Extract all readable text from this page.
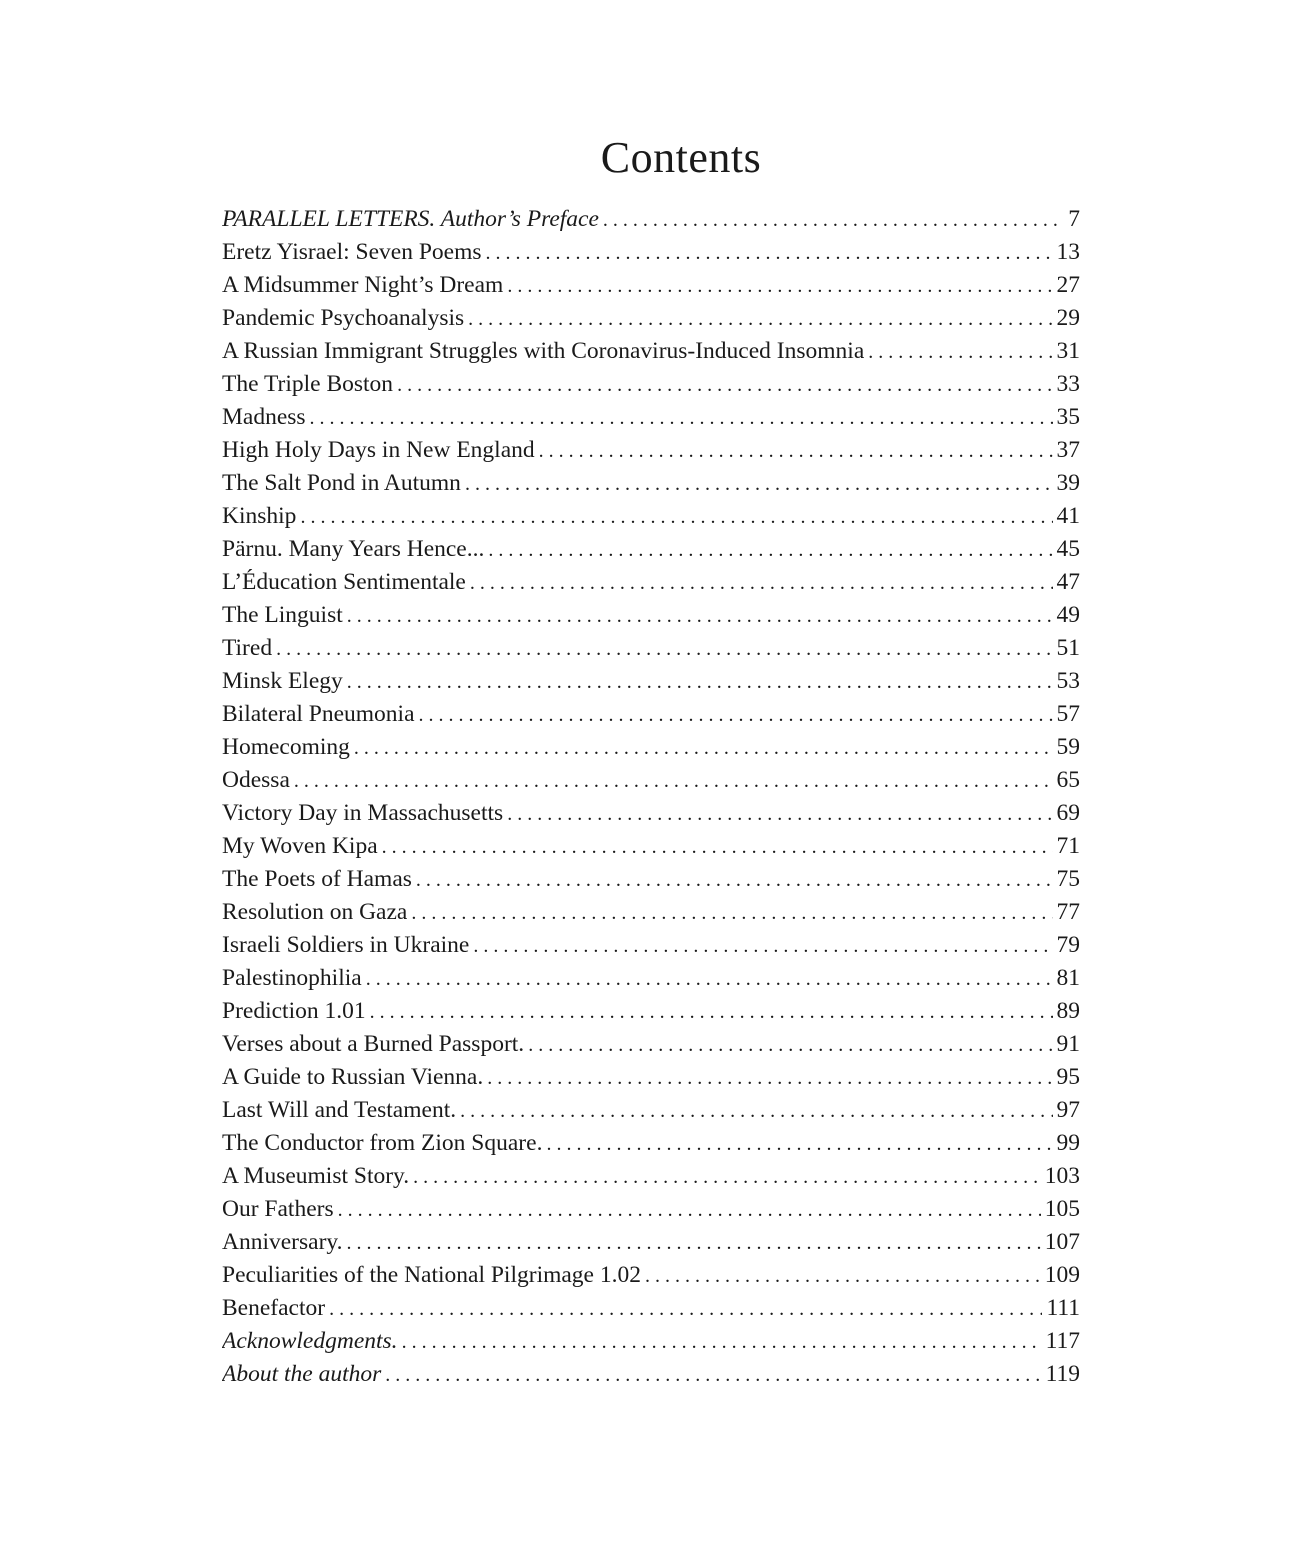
Contents
PARALLEL LETTERS. Author’s Preface . . .	7
Eretz Yisrael: Seven Poems . . .	13
A Midsummer Night’s Dream . . .	27
Pandemic Psychoanalysis . . .	29
A Russian Immigrant Struggles with Coronavirus-Induced Insomnia . . .	31
The Triple Boston . . .	33
Madness . . .	35
High Holy Days in New England . . .	37
The Salt Pond in Autumn . . .	39
Kinship . . .	41
Pärnu. Many Years Hence... . . .	45
L’Éducation Sentimentale . . .	47
The Linguist . . .	49
Tired . . .	51
Minsk Elegy . . .	53
Bilateral Pneumonia . . .	57
Homecoming . . .	59
Odessa . . .	65
Victory Day in Massachusetts . . .	69
My Woven Kipa . . .	71
The Poets of Hamas . . .	75
Resolution on Gaza . . .	77
Israeli Soldiers in Ukraine . . .	79
Palestinophilia . . .	81
Prediction 1.01 . . .	89
Verses about a Burned Passport. . . .	91
A Guide to Russian Vienna. . . .	95
Last Will and Testament. . . .	97
The Conductor from Zion Square. . . .	99
A Museumist Story. . . .	103
Our Fathers . . .	105
Anniversary. . . .	107
Peculiarities of the National Pilgrimage 1.02 . . .	109
Benefactor . . .	111
Acknowledgments. . . .	117
About the author . . .	119
